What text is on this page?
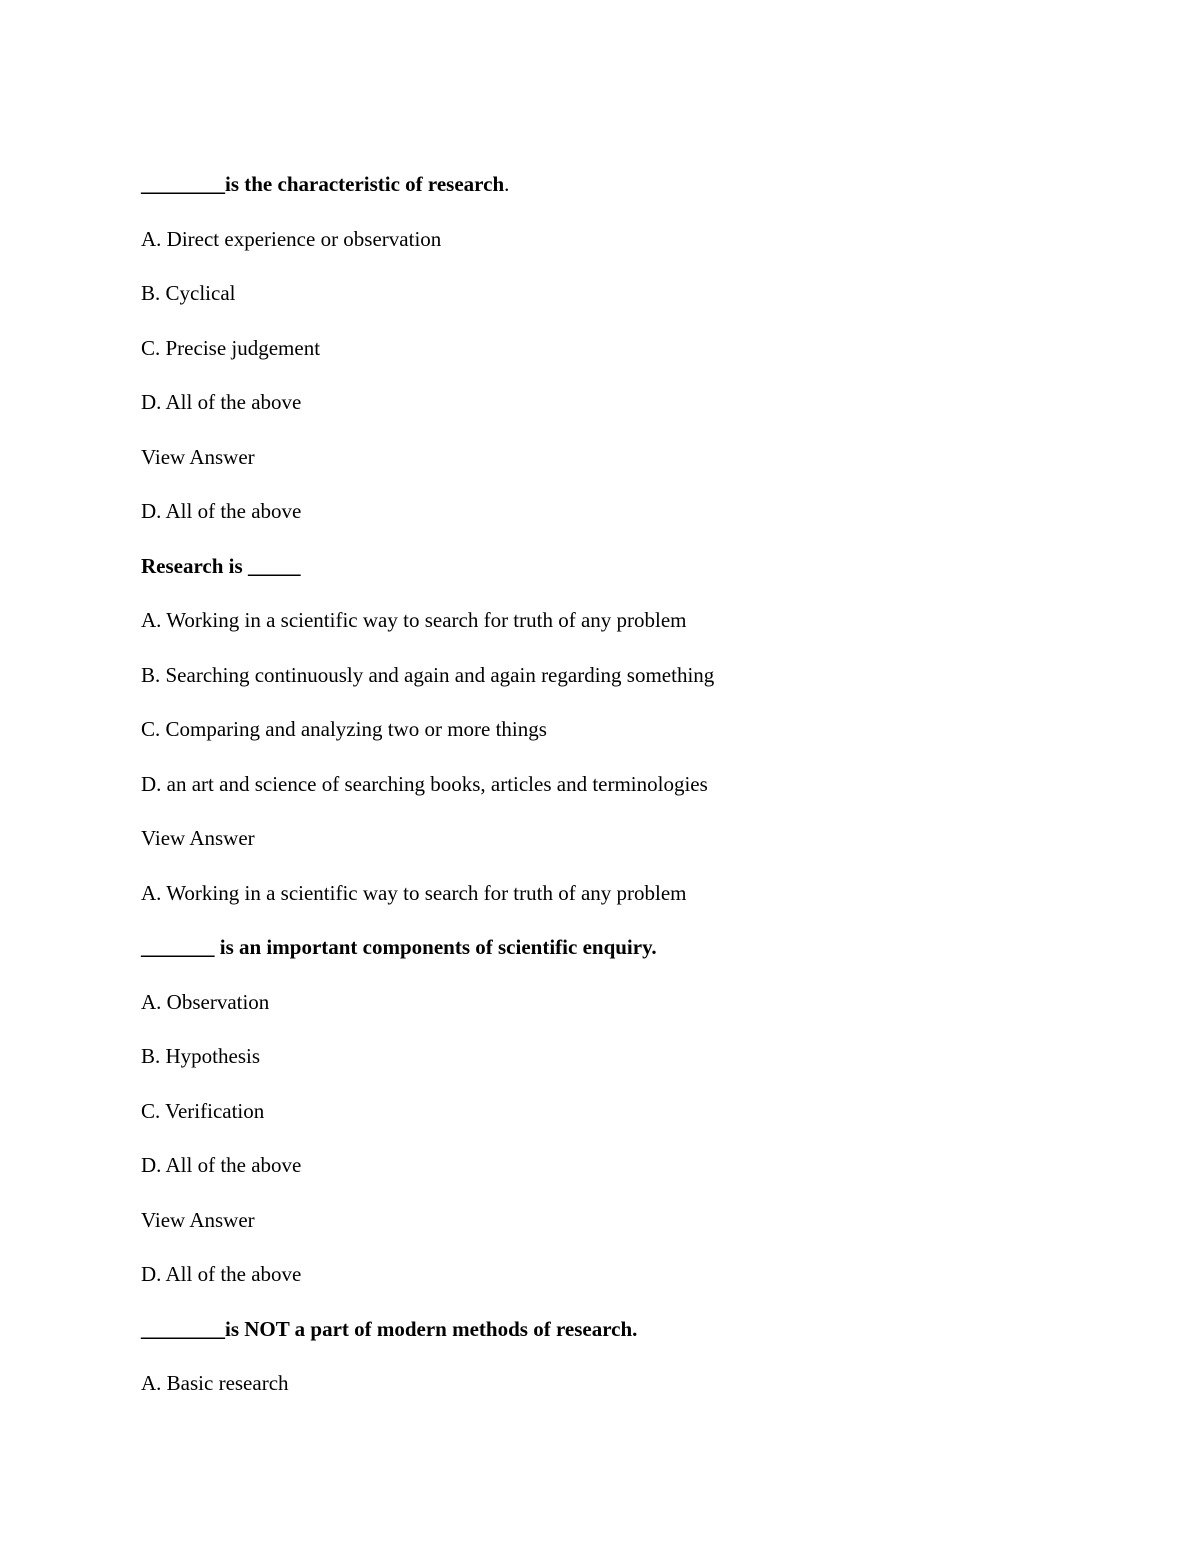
________is the characteristic of research.
A. Direct experience or observation
B. Cyclical
C. Precise judgement
D. All of the above
View Answer
D. All of the above
Research is _____
A. Working in a scientific way to search for truth of any problem
B. Searching continuously and again and again regarding something
C. Comparing and analyzing two or more things
D. an art and science of searching books, articles and terminologies
View Answer
A. Working in a scientific way to search for truth of any problem
_______ is an important components of scientific enquiry.
A. Observation
B. Hypothesis
C. Verification
D. All of the above
View Answer
D. All of the above
________is NOT a part of modern methods of research.
A. Basic research
